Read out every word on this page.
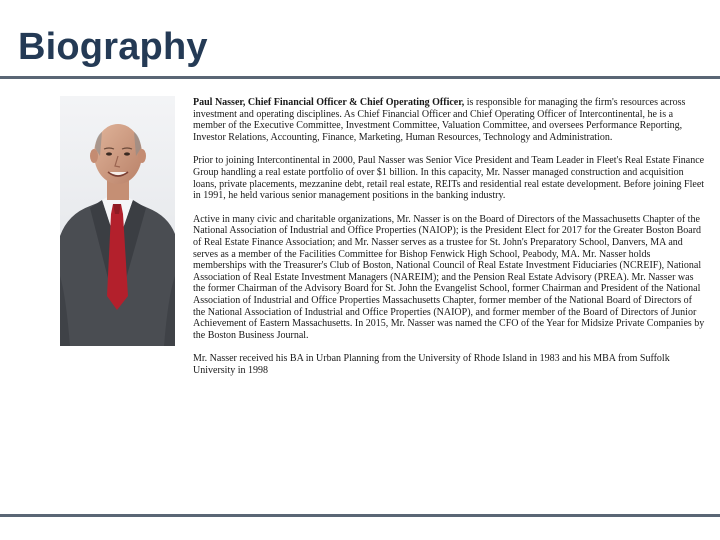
Biography

Paul Nasser, Chief Financial Officer & Chief Operating Officer, is responsible for managing the firm's resources across investment and operating disciplines. As Chief Financial Officer and Chief Operating Officer of Intercontinental, he is a member of the Executive Committee, Investment Committee, Valuation Committee, and oversees Performance Reporting, Investor Relations, Accounting, Finance, Marketing, Human Resources, Technology and Administration.

Prior to joining Intercontinental in 2000, Paul Nasser was Senior Vice President and Team Leader in Fleet's Real Estate Finance Group handling a real estate portfolio of over $1 billion. In this capacity, Mr. Nasser managed construction and acquisition loans, private placements, mezzanine debt, retail real estate, REITs and residential real estate development. Before joining Fleet in 1991, he held various senior management positions in the banking industry.

Active in many civic and charitable organizations, Mr. Nasser is on the Board of Directors of the Massachusetts Chapter of the National Association of Industrial and Office Properties (NAIOP); is the President Elect for 2017 for the Greater Boston Board of Real Estate Finance Association; and Mr. Nasser serves as a trustee for St. John's Preparatory School, Danvers, MA and serves as a member of the Facilities Committee for Bishop Fenwick High School, Peabody, MA. Mr. Nasser holds memberships with the Treasurer's Club of Boston, National Council of Real Estate Investment Fiduciaries (NCREIF), National Association of Real Estate Investment Managers (NAREIM); and the Pension Real Estate Advisory (PREA). Mr. Nasser was the former Chairman of the Advisory Board for St. John the Evangelist School, former Chairman and President of the National Association of Industrial and Office Properties Massachusetts Chapter, former member of the National Board of Directors of the National Association of Industrial and Office Properties (NAIOP), and former member of the Board of Directors of Junior Achievement of Eastern Massachusetts. In 2015, Mr. Nasser was named the CFO of the Year for Midsize Private Companies by the Boston Business Journal.

Mr. Nasser received his BA in Urban Planning from the University of Rhode Island in 1983 and his MBA from Suffolk University in 1998
